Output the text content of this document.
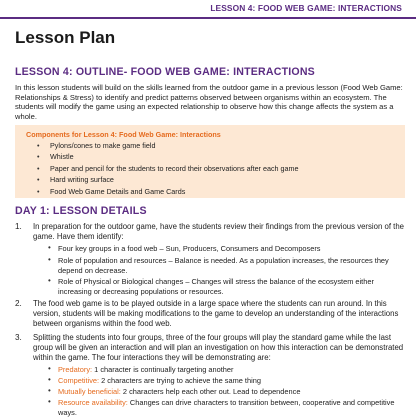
LESSON 4: FOOD WEB GAME: INTERACTIONS
Lesson Plan
LESSON 4: OUTLINE- FOOD WEB GAME: INTERACTIONS
In this lesson students will build on the skills learned from the outdoor game in a previous lesson (Food Web Game: Relationships & Stress) to identify and predict patterns observed between organisms within an ecosystem. The students will modify the game using an expected relationship to observe how this change affects the system as a whole.
Components for Lesson 4: Food Web Game: Interactions
• Pylons/cones to make game field
• Whistle
• Paper and pencil for the students to record their observations after each game
• Hard writing surface
• Food Web Game Details and Game Cards
DAY 1: LESSON DETAILS
1. In preparation for the outdoor game, have the students review their findings from the previous version of the game. Have them identify:
• Four key groups in a food web – Sun, Producers, Consumers and Decomposers
• Role of population and resources – Balance is needed. As a population increases, the resources they depend on decrease.
• Role of Physical or Biological changes – Changes will stress the balance of the ecosystem either increasing or decreasing populations or resources.
2. The food web game is to be played outside in a large space where the students can run around. In this version, students will be making modifications to the game to develop an understanding of the interactions between organisms within the food web.
3. Splitting the students into four groups, three of the four groups will play the standard game while the last group will be given an interaction and will plan an investigation on how this interaction can be demonstrated within the game. The four interactions they will be demonstrating are:
• Predatory: 1 character is continually targeting another
• Competitive: 2 characters are trying to achieve the same thing
• Mutually beneficial: 2 characters help each other out. Lead to dependence
• Resource availability: Changes can drive characters to transition between, cooperative and competitive ways.
